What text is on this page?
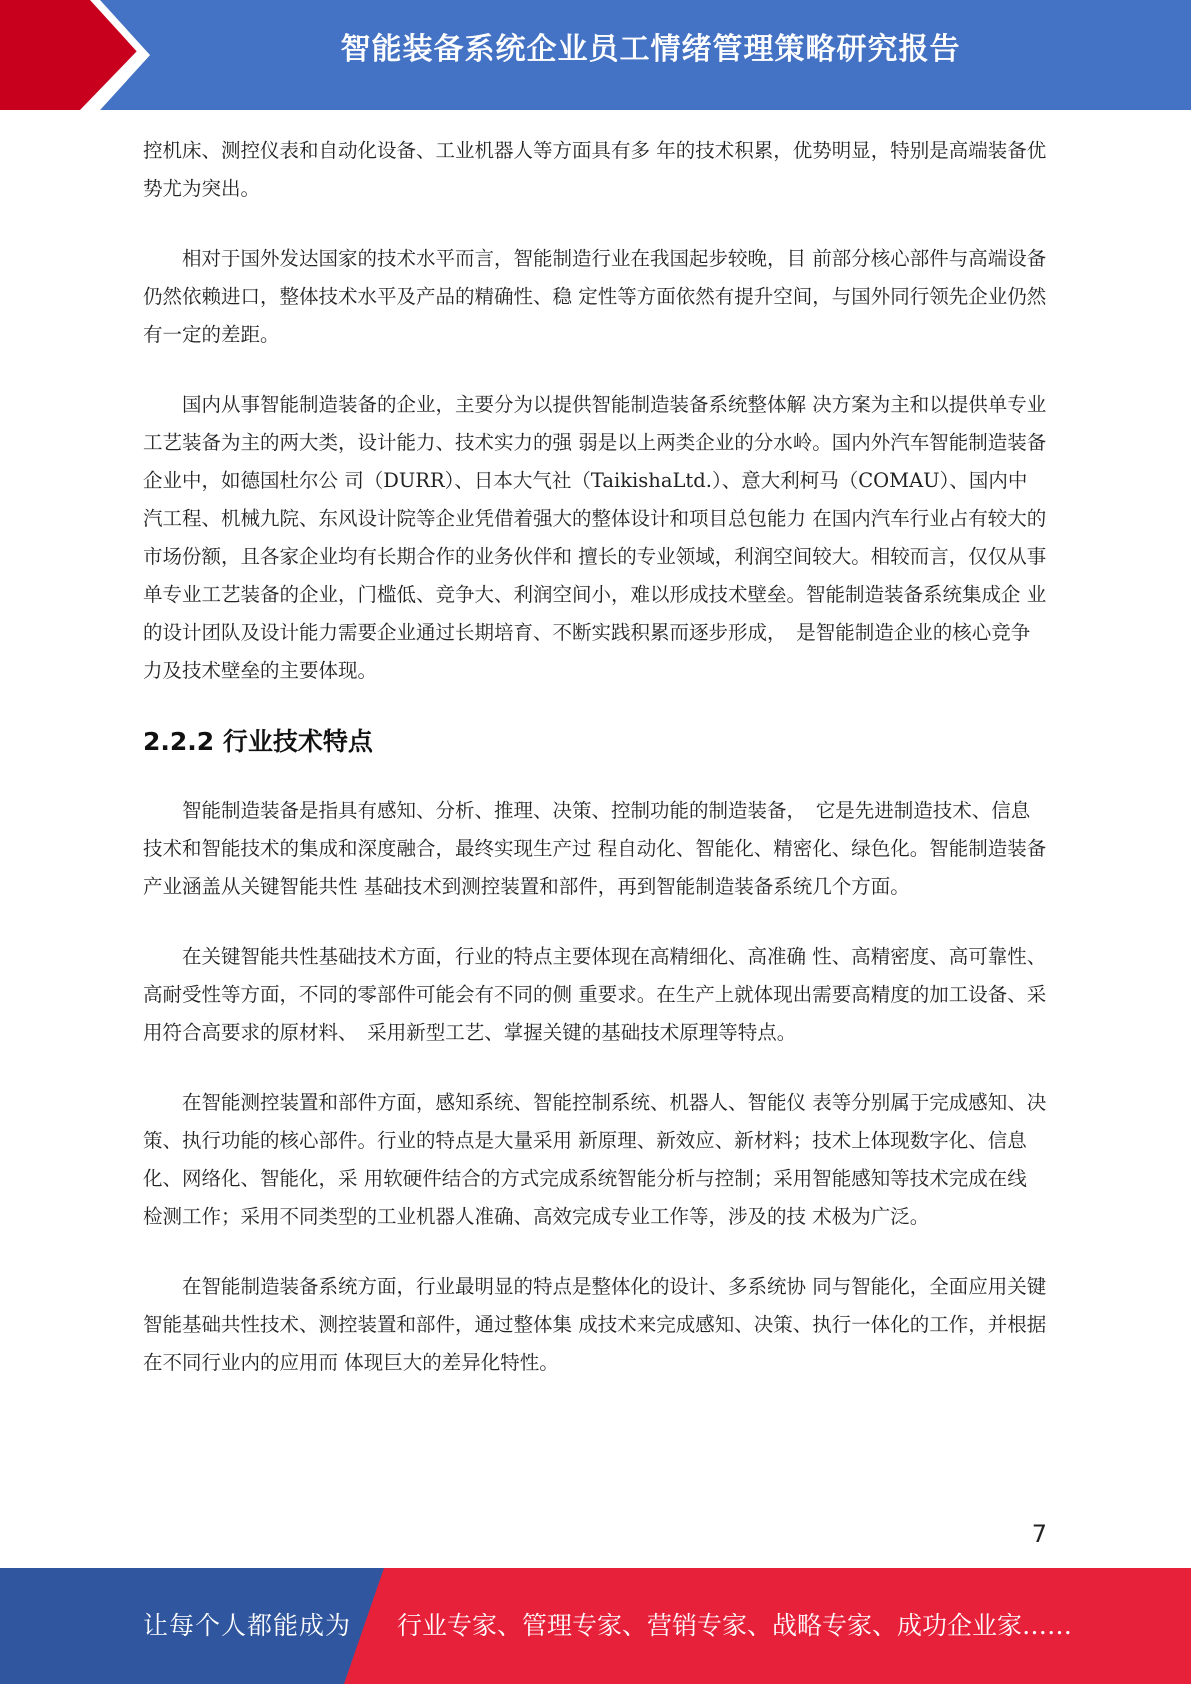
智能装备系统企业员工情绪管理策略研究报告

控机床、测控仪表和自动化设备、工业机器人等方面具有多 年的技术积累，优势明显，特别是高端装备优势尤为突出。

相对于国外发达国家的技术水平而言，智能制造行业在我国起步较晚，目 前部分核心部件与高端设备仍然依赖进口，整体技术水平及产品的精确性、稳 定性等方面依然有提升空间，与国外同行领先企业仍然有一定的差距。

国内从事智能制造装备的企业，主要分为以提供智能制造装备系统整体解 决方案为主和以提供单专业工艺装备为主的两大类，设计能力、技术实力的强 弱是以上两类企业的分水岭。国内外汽车智能制造装备企业中，如德国杜尔公 司（DURR）、日本大气社（TaikishaLtd.）、意大利柯马（COMAU）、国内中 汽工程、机械九院、东风设计院等企业凭借着强大的整体设计和项目总包能力 在国内汽车行业占有较大的市场份额，且各家企业均有长期合作的业务伙伴和 擅长的专业领域，利润空间较大。相较而言，仅仅从事单专业工艺装备的企业，门槛低、竞争大、利润空间小，难以形成技术壁垒。智能制造装备系统集成企 业的设计团队及设计能力需要企业通过长期培育、不断实践积累而逐步形成，　是智能制造企业的核心竞争力及技术壁垒的主要体现。

2.2.2 行业技术特点

智能制造装备是指具有感知、分析、推理、决策、控制功能的制造装备，　它是先进制造技术、信息技术和智能技术的集成和深度融合，最终实现生产过 程自动化、智能化、精密化、绿色化。智能制造装备产业涵盖从关键智能共性 基础技术到测控装置和部件，再到智能制造装备系统几个方面。

在关键智能共性基础技术方面，行业的特点主要体现在高精细化、高准确 性、高精密度、高可靠性、高耐受性等方面，不同的零部件可能会有不同的侧 重要求。在生产上就体现出需要高精度的加工设备、采用符合高要求的原材料、　采用新型工艺、掌握关键的基础技术原理等特点。

在智能测控装置和部件方面，感知系统、智能控制系统、机器人、智能仪 表等分别属于完成感知、决策、执行功能的核心部件。行业的特点是大量采用 新原理、新效应、新材料；技术上体现数字化、信息化、网络化、智能化，采 用软硬件结合的方式完成系统智能分析与控制；采用智能感知等技术完成在线 检测工作；采用不同类型的工业机器人准确、高效完成专业工作等，涉及的技 术极为广泛。

在智能制造装备系统方面，行业最明显的特点是整体化的设计、多系统协 同与智能化，全面应用关键智能基础共性技术、测控装置和部件，通过整体集 成技术来完成感知、决策、执行一体化的工作，并根据在不同行业内的应用而 体现巨大的差异化特性。

7
让每个人都能成为 行业专家、管理专家、营销专家、战略专家、成功企业家……
